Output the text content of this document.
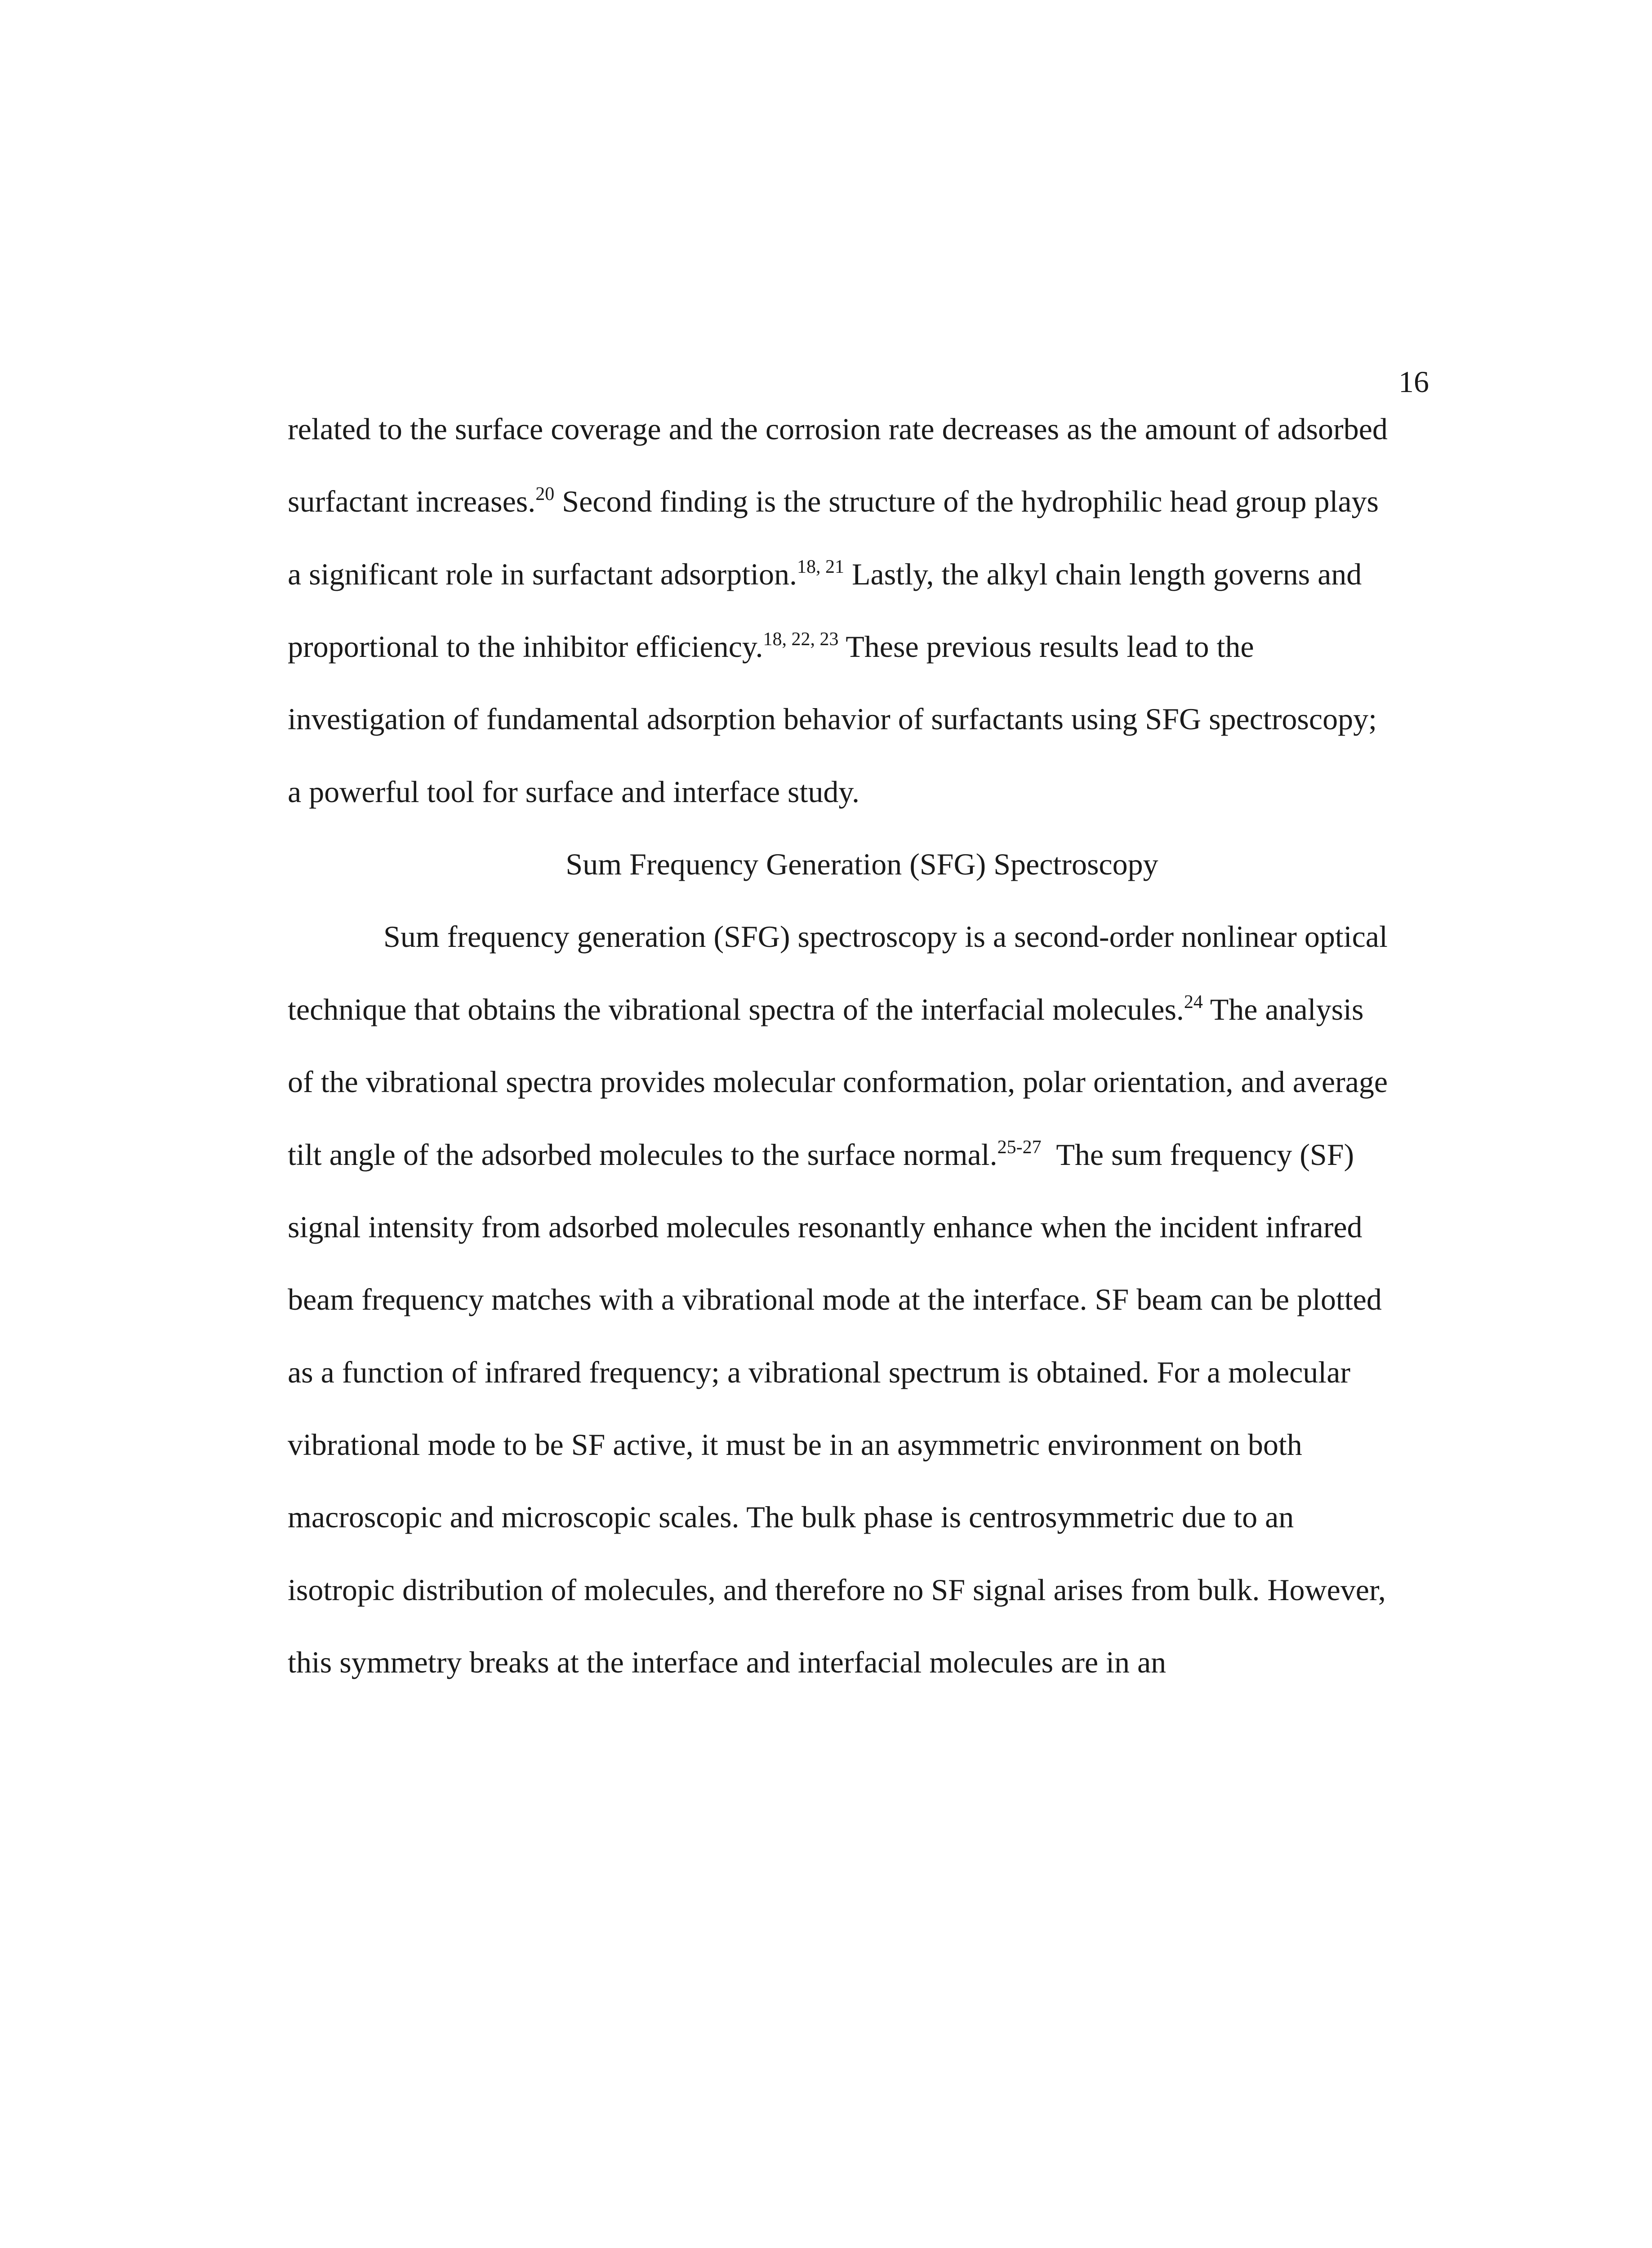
16
related to the surface coverage and the corrosion rate decreases as the amount of adsorbed
surfactant increases.$^{20}$ Second finding is the structure of the hydrophilic head group plays
a significant role in surfactant adsorption.$^{18, 21}$ Lastly, the alkyl chain length governs and
proportional to the inhibitor efficiency.$^{18, 22, 23}$ These previous results lead to the
investigation of fundamental adsorption behavior of surfactants using SFG spectroscopy;
a powerful tool for surface and interface study.
Sum Frequency Generation (SFG) Spectroscopy
Sum frequency generation (SFG) spectroscopy is a second-order nonlinear optical
technique that obtains the vibrational spectra of the interfacial molecules.$^{24}$ The analysis
of the vibrational spectra provides molecular conformation, polar orientation, and average
tilt angle of the adsorbed molecules to the surface normal.$^{25-27}$  The sum frequency (SF)
signal intensity from adsorbed molecules resonantly enhance when the incident infrared
beam frequency matches with a vibrational mode at the interface. SF beam can be plotted
as a function of infrared frequency; a vibrational spectrum is obtained. For a molecular
vibrational mode to be SF active, it must be in an asymmetric environment on both
macroscopic and microscopic scales. The bulk phase is centrosymmetric due to an
isotropic distribution of molecules, and therefore no SF signal arises from bulk. However,
this symmetry breaks at the interface and interfacial molecules are in an
